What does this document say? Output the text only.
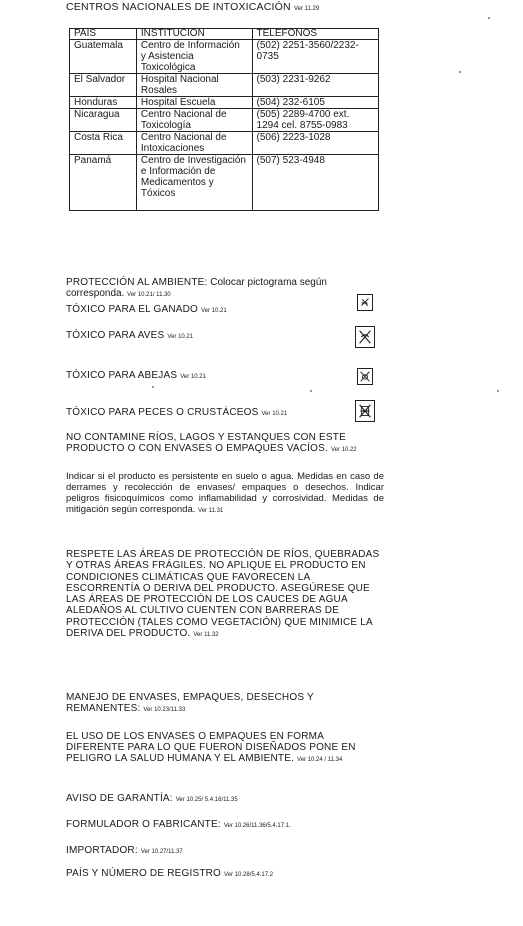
CENTROS NACIONALES DE INTOXICACIÓN Ver 11.29
PAIS	INSTITUCION	TELEFONOS
Guatemala	Centro de Información y Asistencia Toxicológica	(502) 2251-3560/2232-0735
El Salvador	Hospital Nacional Rosales	(503) 2231-9262
Honduras	Hospital Escuela	(504) 232-6105
Nicaragua	Centro Nacional de Toxicología	(505) 2289-4700 ext. 1294 cel. 8755-0983
Costa Rica	Centro Nacional de Intoxicaciones	(506) 2223-1028
Panamá	Centro de Investigación e Información de Medicamentos y Tóxicos	(507) 523-4948
PROTECCIÓN AL AMBIENTE: Colocar pictograma según corresponda. Ver 10.21/ 11.30
TÓXICO PARA EL GANADO Ver 10.21
TÓXICO PARA AVES Ver 10.21
TÓXICO PARA ABEJAS Ver 10.21
TÓXICO PARA PECES O CRUSTÁCEOS Ver 10.21
NO CONTAMINE RÍOS, LAGOS Y ESTANQUES CON ESTE PRODUCTO O CON ENVASES O EMPAQUES VACÍOS. Ver 10.22
Indicar si el producto es persistente en suelo o agua. Medidas en caso de derrames y recolección de envases/ empaques o desechos. Indicar peligros fisicoquímicos como inflamabilidad y corrosividad. Medidas de mitigación según corresponda. Ver 11.31
RESPETE LAS ÁREAS DE PROTECCIÓN DE RÍOS, QUEBRADAS Y OTRAS ÁREAS FRÁGILES. NO APLIQUE EL PRODUCTO EN CONDICIONES CLIMÁTICAS QUE FAVORECEN LA ESCORRENTÍA O DERIVA DEL PRODUCTO. ASEGÚRESE QUE LAS ÁREAS DE PROTECCIÓN DE LOS CAUCES DE AGUA ALEDAÑOS AL CULTIVO CUENTEN CON BARRERAS DE PROTECCIÓN (TALES COMO VEGETACIÓN) QUE MINIMICE LA DERIVA DEL PRODUCTO. Ver 11.32
MANEJO DE ENVASES, EMPAQUES, DESECHOS Y REMANENTES: Ver 10.23/11.33
EL USO DE LOS ENVASES O EMPAQUES EN FORMA DIFERENTE PARA LO QUE FUERON DISEÑADOS PONE EN PELIGRO LA SALUD HUMANA Y EL AMBIENTE. Ver 10.24 / 11.34
AVISO DE GARANTÍA: Ver 10.25/ 5.4.16/11.35
FORMULADOR O FABRICANTE: Ver 10.26/11.36/5.4.17.1.
IMPORTADOR: Ver 10.27/11.37
PAÍS Y NÚMERO DE REGISTRO Ver 10.28/5.4.17.2
